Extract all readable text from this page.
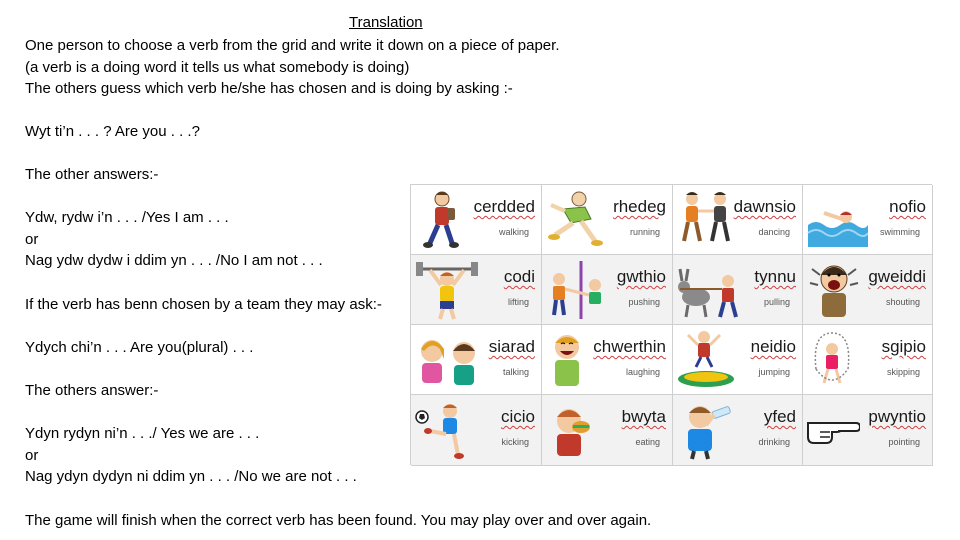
Translation
One person to choose a verb from the grid and write it down on a piece of paper.
(a verb is a doing word it tells us what somebody is doing)
The others guess which verb he/she has chosen and is doing by asking :-
Wyt ti’n . . . ? Are you . . .?
The other answers:-
Ydw, rydw i’n . . . /Yes I am . . .
or
Nag ydw dydw i ddim yn . . . /No I am not . . .
If the verb has benn chosen by a team they may ask:-
Ydych chi’n . . . Are you(plural) . . .
The others answer:-
Ydyn rydyn ni’n . . ./ Yes we are . . .
or
Nag ydyn dydyn ni ddim yn . . . /No we are not . . .
The game will finish when the correct verb has been found. You may play over and over again.
cerdded
walking
rhedeg
running
dawnsio
dancing
nofio
swimming
codi
lifting
gwthio
pushing
tynnu
pulling
gweiddi
shouting
siarad
talking
chwerthin
laughing
neidio
jumping
sgipio
skipping
cicio
kicking
bwyta
eating
yfed
drinking
pwyntio
pointing
